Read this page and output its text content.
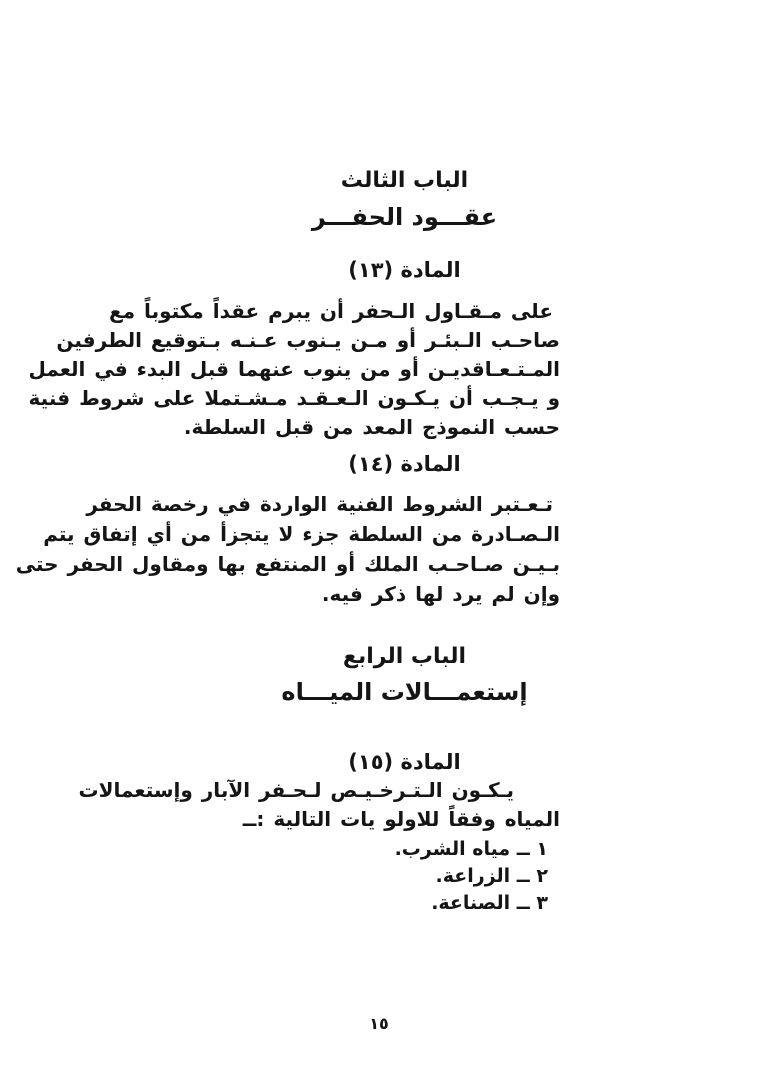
الباب الثالث
عقـــود الحفـــر
المادة (١٣)
على مـقـاول الـحفر أن يبرم عقداً مكتوباً مع
صاحـب الـبئـر أو مـن يـنوب عـنـه بـتوقيع الطرفين
المـتـعـاقديـن أو من ينوب عنهما قبل البدء في العمل
و يـجـب أن يـكـون الـعـقـد مـشـتملا على شروط فنية
حسب النموذج المعد من قبل السلطة.
المادة (١٤)
تـعـتبر الشروط الفنية الواردة في رخصة الحفر
الـصـادرة من السلطة جزء لا يتجزأ من أي إتفاق يتم
بـيـن صـاحـب الملك أو المنتفع بها ومقاول الحفر حتى
وإن لم يرد لها ذكر فيه.
الباب الرابع
إستعمـــالات الميـــاه
المادة (١٥)
يـكـون الـتـرخـيـص لـحـفر الآبار وإستعمالات
المياه وفقاً للاولو يات التالية :ــ
١ ــ مياه الشرب.
٢ ــ الزراعة.
٣ ــ الصناعة.
١٥
